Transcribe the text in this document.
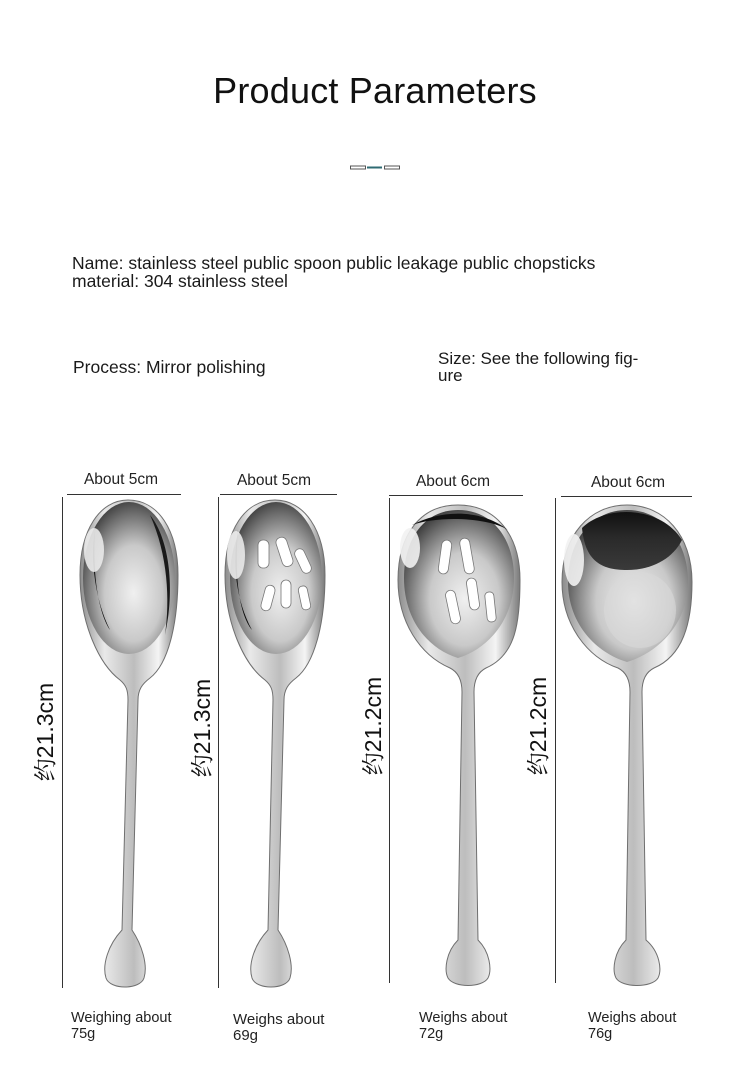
Product Parameters
Name: stainless steel public spoon public leakage public chopsticks
material: 304 stainless steel
Process: Mirror polishing	Size: See the following fig-
ure
About 5cm	About 5cm	About 6cm	About 6cm
约21.3cm	约21.3cm	约21.2cm	约21.2cm
Weighing about
75g
Weighs about
69g
Weighs about
72g
Weighs about
76g
